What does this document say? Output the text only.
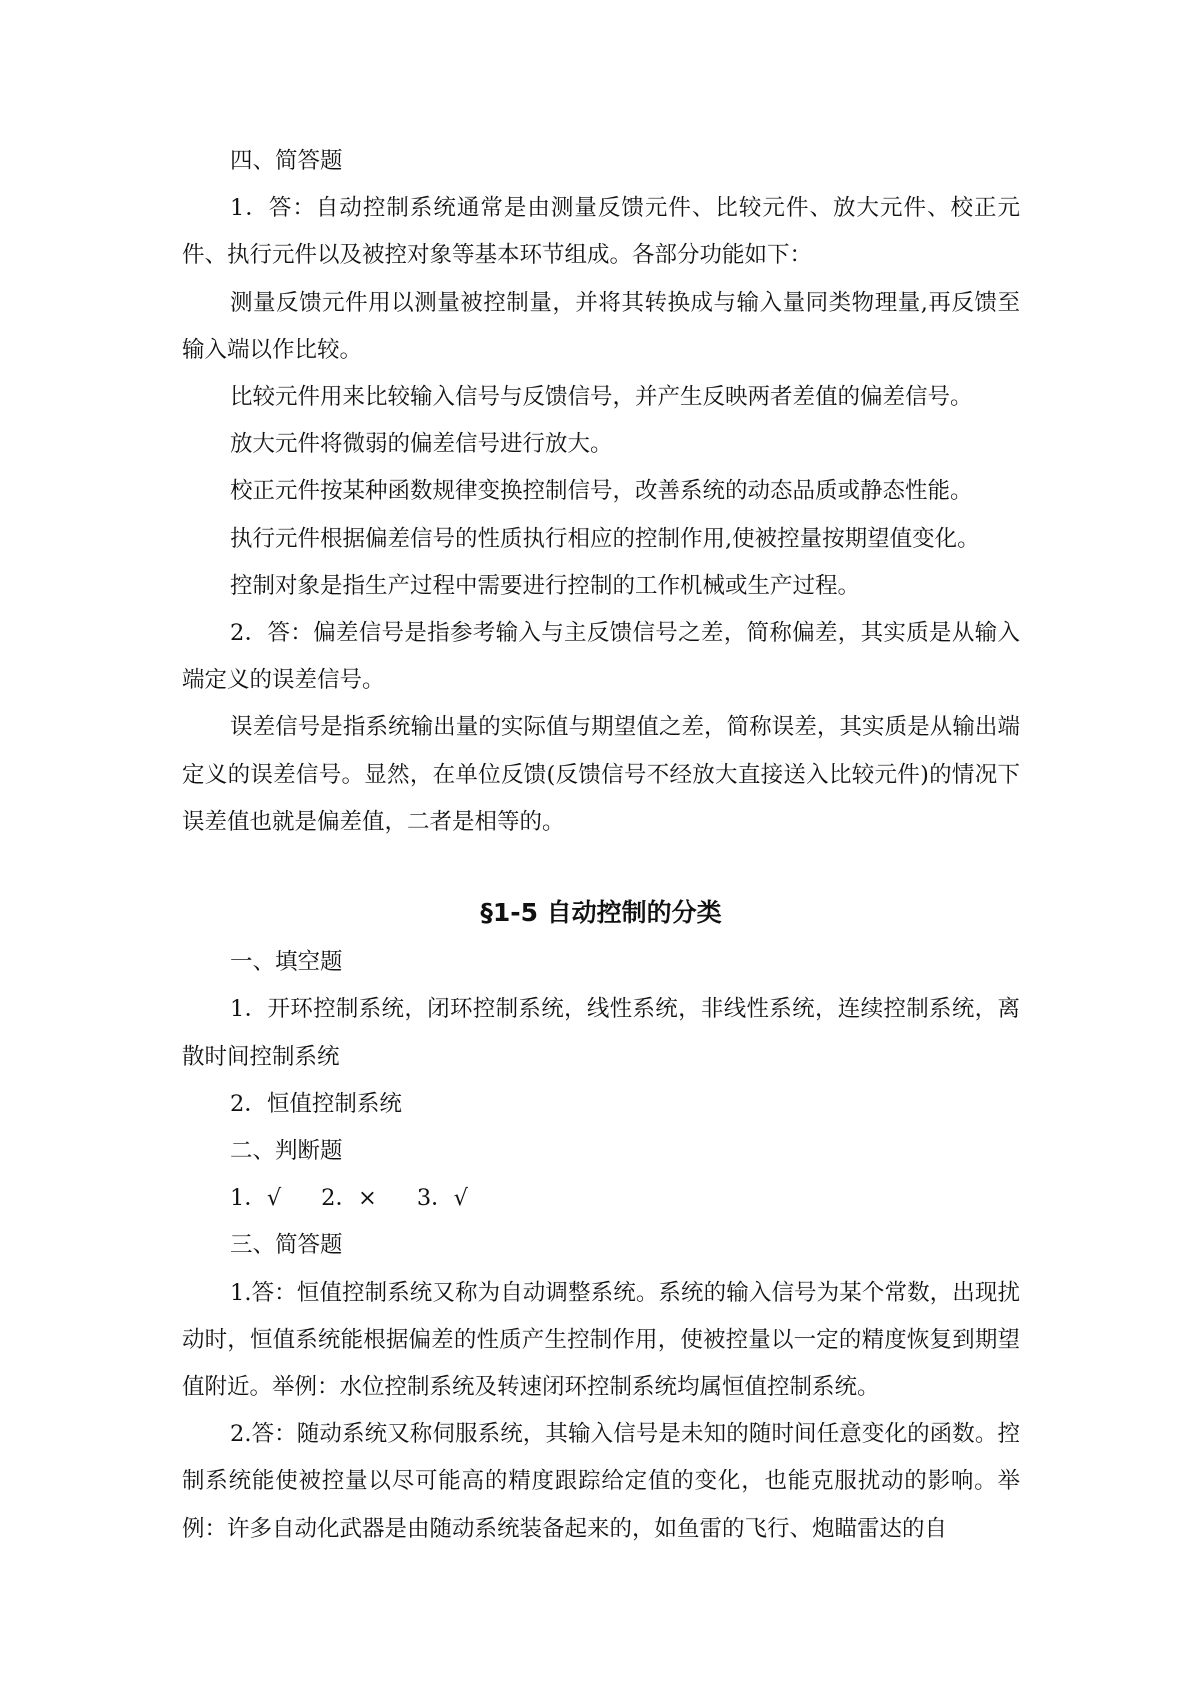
四、简答题

1．答：自动控制系统通常是由测量反馈元件、比较元件、放大元件、校正元件、执行元件以及被控对象等基本环节组成。各部分功能如下：

测量反馈元件用以测量被控制量，并将其转换成与输入量同类物理量,再反馈至输入端以作比较。

比较元件用来比较输入信号与反馈信号，并产生反映两者差值的偏差信号。

放大元件将微弱的偏差信号进行放大。

校正元件按某种函数规律变换控制信号，改善系统的动态品质或静态性能。

执行元件根据偏差信号的性质执行相应的控制作用,使被控量按期望值变化。

控制对象是指生产过程中需要进行控制的工作机械或生产过程。

2．答：偏差信号是指参考输入与主反馈信号之差，简称偏差，其实质是从输入端定义的误差信号。

误差信号是指系统输出量的实际值与期望值之差，简称误差，其实质是从输出端定义的误差信号。显然，在单位反馈(反馈信号不经放大直接送入比较元件)的情况下误差值也就是偏差值，二者是相等的。

§1-5 自动控制的分类

一、填空题

1．开环控制系统，闭环控制系统，线性系统，非线性系统，连续控制系统，离散时间控制系统

2．恒值控制系统

二、判断题

1．√ 2．× 3．√

三、简答题

1.答：恒值控制系统又称为自动调整系统。系统的输入信号为某个常数，出现扰动时，恒值系统能根据偏差的性质产生控制作用，使被控量以一定的精度恢复到期望值附近。举例：水位控制系统及转速闭环控制系统均属恒值控制系统。

2.答：随动系统又称伺服系统，其输入信号是未知的随时间任意变化的函数。控制系统能使被控量以尽可能高的精度跟踪给定值的变化，也能克服扰动的影响。举例：许多自动化武器是由随动系统装备起来的，如鱼雷的飞行、炮瞄雷达的自
